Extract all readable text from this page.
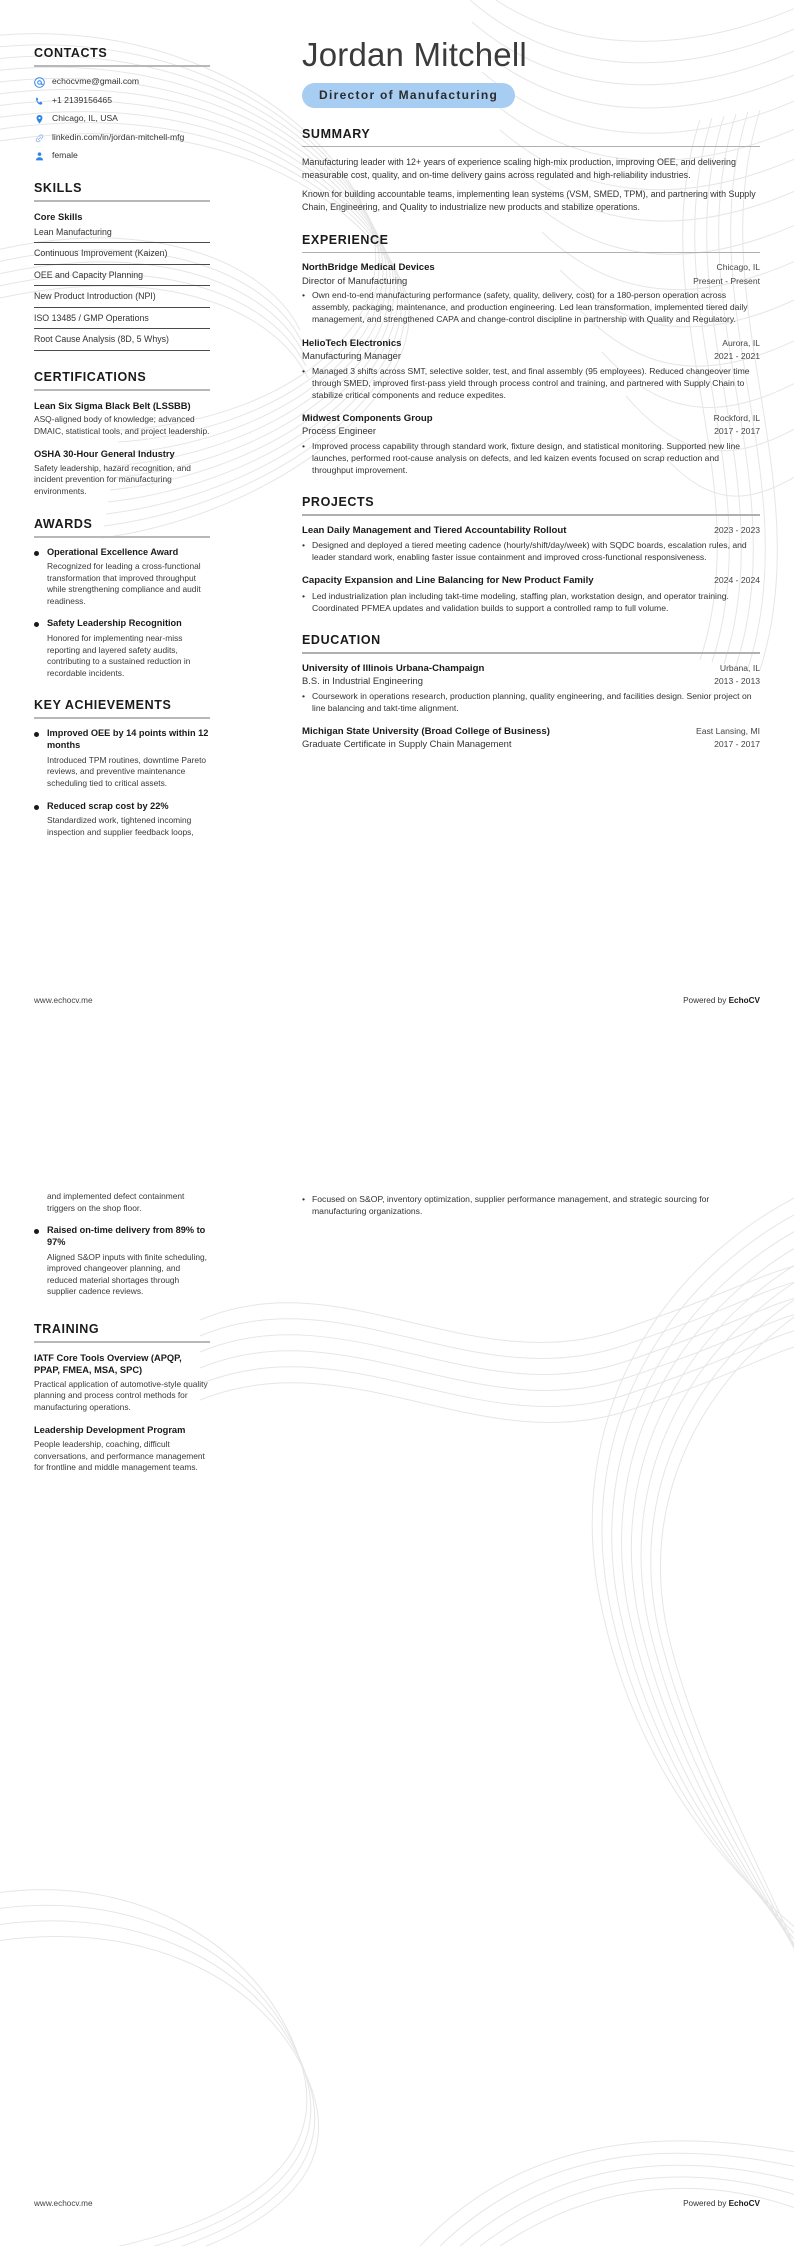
CONTACTS
echocvme@gmail.com
+1 2139156465
Chicago, IL, USA
linkedin.com/in/jordan-mitchell-mfg
female
SKILLS
Core Skills
Lean Manufacturing
Continuous Improvement (Kaizen)
OEE and Capacity Planning
New Product Introduction (NPI)
ISO 13485 / GMP Operations
Root Cause Analysis (8D, 5 Whys)
CERTIFICATIONS
Lean Six Sigma Black Belt (LSSBB)
ASQ-aligned body of knowledge; advanced DMAIC, statistical tools, and project leadership.
OSHA 30-Hour General Industry
Safety leadership, hazard recognition, and incident prevention for manufacturing environments.
AWARDS
Operational Excellence Award
Recognized for leading a cross-functional transformation that improved throughput while strengthening compliance and audit readiness.
Safety Leadership Recognition
Honored for implementing near-miss reporting and layered safety audits, contributing to a sustained reduction in recordable incidents.
KEY ACHIEVEMENTS
Improved OEE by 14 points within 12 months
Introduced TPM routines, downtime Pareto reviews, and preventive maintenance scheduling tied to critical assets.
Reduced scrap cost by 22%
Standardized work, tightened incoming inspection and supplier feedback loops,
Jordan Mitchell
Director of Manufacturing
SUMMARY
Manufacturing leader with 12+ years of experience scaling high-mix production, improving OEE, and delivering measurable cost, quality, and on-time delivery gains across regulated and high-reliability industries.
Known for building accountable teams, implementing lean systems (VSM, SMED, TPM), and partnering with Supply Chain, Engineering, and Quality to industrialize new products and stabilize operations.
EXPERIENCE
NorthBridge Medical Devices	Chicago, IL
Director of Manufacturing	Present - Present
• Own end-to-end manufacturing performance (safety, quality, delivery, cost) for a 180-person operation across assembly, packaging, maintenance, and production engineering. Led lean transformation, implemented tiered daily management, and strengthened CAPA and change-control discipline in partnership with Quality and Regulatory.
HelioTech Electronics	Aurora, IL
Manufacturing Manager	2021 - 2021
• Managed 3 shifts across SMT, selective solder, test, and final assembly (95 employees). Reduced changeover time through SMED, improved first-pass yield through process control and training, and partnered with Supply Chain to stabilize critical components and reduce expedites.
Midwest Components Group	Rockford, IL
Process Engineer	2017 - 2017
• Improved process capability through standard work, fixture design, and statistical monitoring. Supported new line launches, performed root-cause analysis on defects, and led kaizen events focused on scrap reduction and throughput improvement.
PROJECTS
Lean Daily Management and Tiered Accountability Rollout	2023 - 2023
• Designed and deployed a tiered meeting cadence (hourly/shift/day/week) with SQDC boards, escalation rules, and leader standard work, enabling faster issue containment and improved cross-functional responsiveness.
Capacity Expansion and Line Balancing for New Product Family	2024 - 2024
• Led industrialization plan including takt-time modeling, staffing plan, workstation design, and operator training. Coordinated PFMEA updates and validation builds to support a controlled ramp to full volume.
EDUCATION
University of Illinois Urbana-Champaign	Urbana, IL
B.S. in Industrial Engineering	2013 - 2013
• Coursework in operations research, production planning, quality engineering, and facilities design. Senior project on line balancing and takt-time alignment.
Michigan State University (Broad College of Business)	East Lansing, MI
Graduate Certificate in Supply Chain Management	2017 - 2017
www.echocv.me	Powered by EchoCV
and implemented defect containment triggers on the shop floor.
Raised on-time delivery from 89% to 97%
Aligned S&OP inputs with finite scheduling, improved changeover planning, and reduced material shortages through supplier cadence reviews.
TRAINING
IATF Core Tools Overview (APQP, PPAP, FMEA, MSA, SPC)
Practical application of automotive-style quality planning and process control methods for manufacturing operations.
Leadership Development Program
People leadership, coaching, difficult conversations, and performance management for frontline and middle management teams.
• Focused on S&OP, inventory optimization, supplier performance management, and strategic sourcing for manufacturing organizations.
www.echocv.me	Powered by EchoCV
